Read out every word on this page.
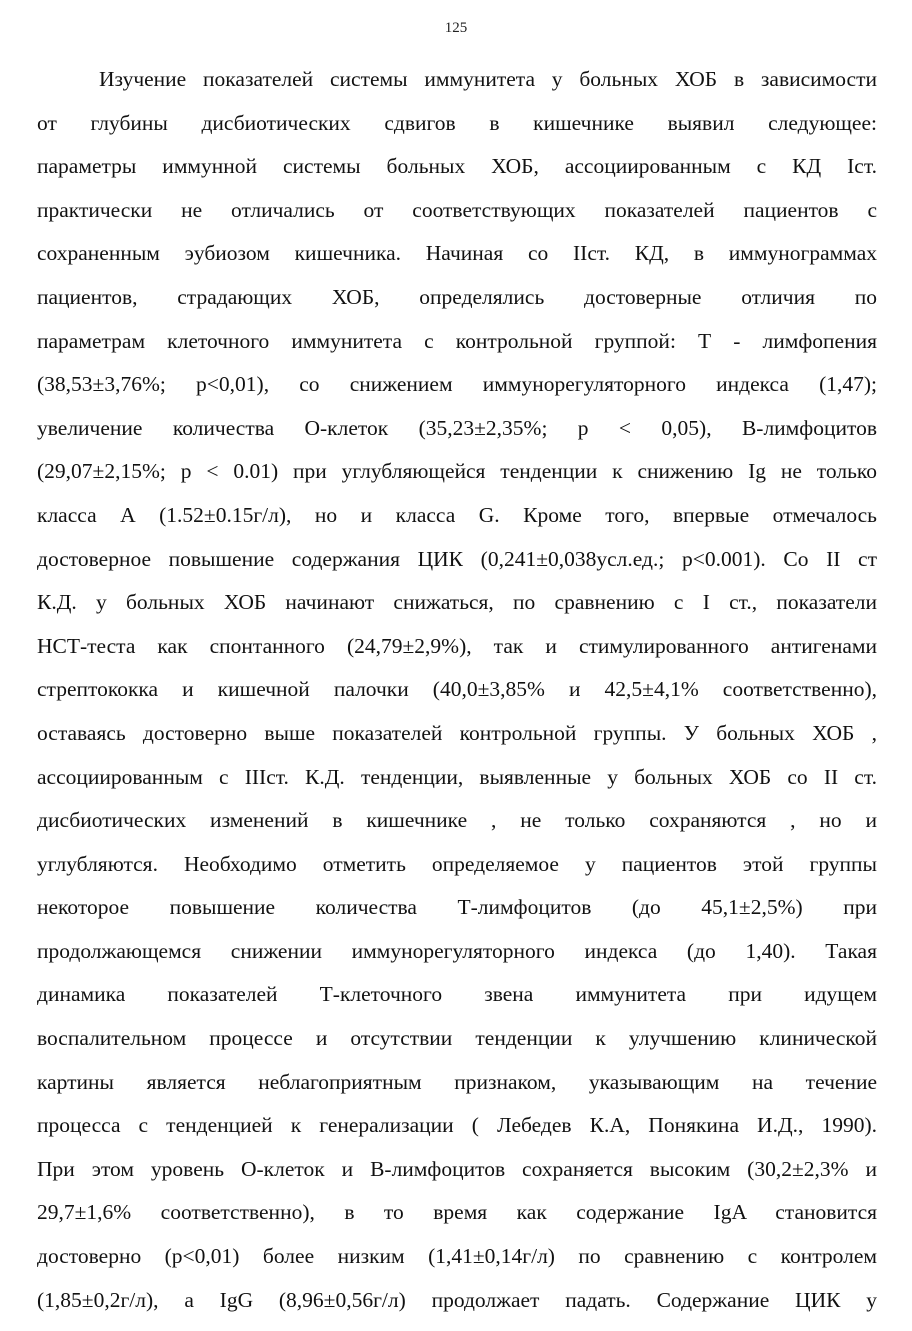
125
Изучение показателей системы иммунитета у больных ХОБ в зависимости
от глубины дисбиотических сдвигов в кишечнике выявил следующее:
параметры иммунной системы больных ХОБ, ассоциированным с КД Iст.
практически не отличались от соответствующих показателей пациентов с
сохраненным эубиозом кишечника. Начиная со IIст. КД, в иммунограммах
пациентов, страдающих ХОБ, определялись достоверные отличия по
параметрам клеточного иммунитета с контрольной группой: Т - лимфопения
(38,53±3,76%; p<0,01), со снижением иммунорегуляторного индекса (1,47);
увеличение количества О-клеток (35,23±2,35%; р < 0,05), В-лимфоцитов
(29,07±2,15%; р < 0.01) при углубляющейся тенденции к снижению Ig не только
класса А (1.52±0.15г/л), но и класса G. Кроме того, впервые отмечалось
достоверное повышение содержания ЦИК (0,241±0,038усл.ед.; р<0.001). Со II ст
К.Д. у больных ХОБ начинают снижаться, по сравнению с I ст., показатели
НСТ-теста как спонтанного (24,79±2,9%), так и стимулированного антигенами
стрептококка и кишечной палочки (40,0±3,85% и 42,5±4,1% соответственно),
оставаясь достоверно выше показателей контрольной группы. У больных ХОБ ,
ассоциированным с IIIст. К.Д. тенденции, выявленные у больных ХОБ со II ст.
дисбиотических изменений в кишечнике , не только сохраняются , но и
углубляются. Необходимо отметить определяемое у пациентов этой группы
некоторое повышение количества Т-лимфоцитов (до 45,1±2,5%) при
продолжающемся снижении иммунорегуляторного индекса (до 1,40). Такая
динамика показателей Т-клеточного звена иммунитета при идущем
воспалительном процессе и отсутствии тенденции к улучшению клинической
картины является неблагоприятным признаком, указывающим на течение
процесса с тенденцией к генерализации ( Лебедев К.А, Понякина И.Д., 1990).
При этом уровень О-клеток и В-лимфоцитов сохраняется высоким (30,2±2,3% и
29,7±1,6% соответственно), в то время как содержание IgA становится
достоверно (р<0,01) более низким (1,41±0,14г/л) по сравнению с контролем
(1,85±0,2г/л), а IgG (8,96±0,56г/л) продолжает падать. Содержание ЦИК у
